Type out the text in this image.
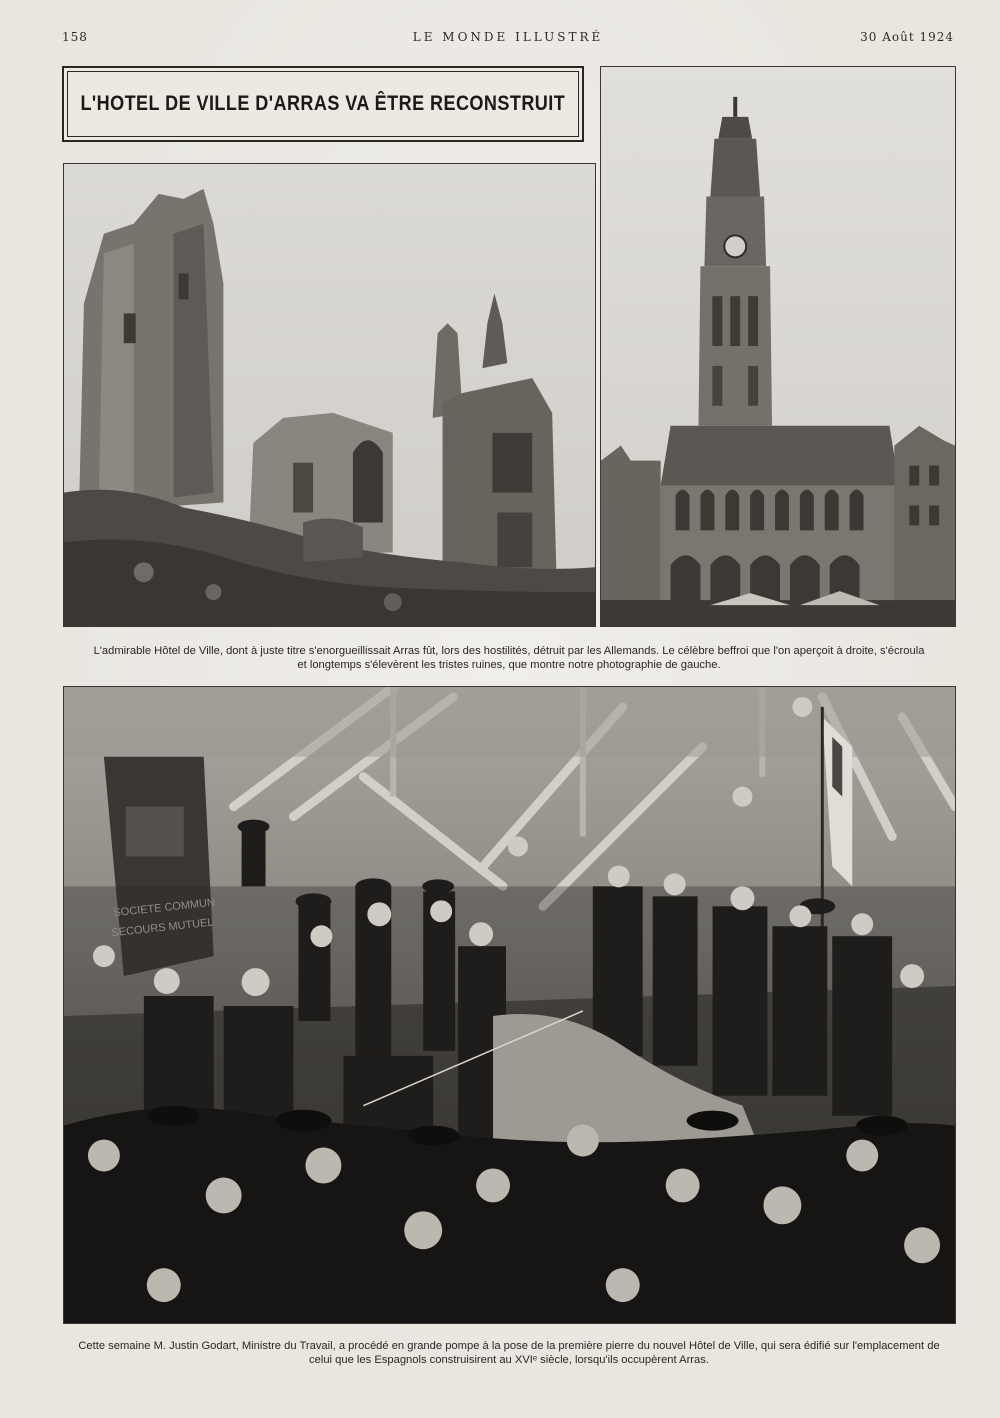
158	LE MONDE ILLUSTRÉ	30 Août 1924
L'HOTEL DE VILLE D'ARRAS VA ÊTRE RECONSTRUIT
L'admirable Hôtel de Ville, dont à juste titre s'enorgueillissait Arras fût, lors des hostilités, détruit par les Allemands. Le célèbre beffroi que l'on aperçoit à droite, s'écroula
et longtemps s'élevèrent les tristes ruines, que montre notre photographie de gauche.
SOCIETE COMMUN
SECOURS MUTUEL
Cette semaine M. Justin Godart, Ministre du Travail, a procédé en grande pompe à la pose de la première pierre du nouvel Hôtel de Ville, qui sera édifié sur l'emplacement de
celui que les Espagnols construisirent au XVIᵉ siècle, lorsqu'ils occupèrent Arras.
